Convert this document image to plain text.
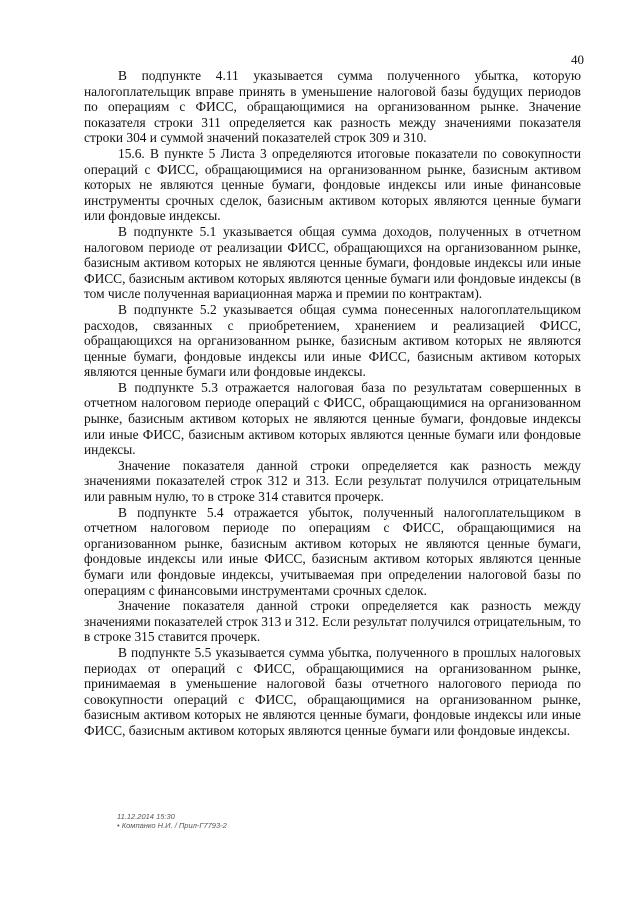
40

В подпункте 4.11 указывается сумма полученного убытка, которую налогоплательщик вправе принять в уменьшение налоговой базы будущих периодов по операциям с ФИСС, обращающимися на организованном рынке. Значение показателя строки 311 определяется как разность между значениями показателя строки 304 и суммой значений показателей строк 309 и 310.

15.6. В пункте 5 Листа 3 определяются итоговые показатели по совокупности операций с ФИСС, обращающимися на организованном рынке, базисным активом которых не являются ценные бумаги, фондовые индексы или иные финансовые инструменты срочных сделок, базисным активом которых являются ценные бумаги или фондовые индексы.

В подпункте 5.1 указывается общая сумма доходов, полученных в отчетном налоговом периоде от реализации ФИСС, обращающихся на организованном рынке, базисным активом которых не являются ценные бумаги, фондовые индексы или иные ФИСС, базисным активом которых являются ценные бумаги или фондовые индексы (в том числе полученная вариационная маржа и премии по контрактам).

В подпункте 5.2 указывается общая сумма понесенных налогоплательщиком расходов, связанных с приобретением, хранением и реализацией ФИСС, обращающихся на организованном рынке, базисным активом которых не являются ценные бумаги, фондовые индексы или иные ФИСС, базисным активом которых являются ценные бумаги или фондовые индексы.

В подпункте 5.3 отражается налоговая база по результатам совершенных в отчетном налоговом периоде операций с ФИСС, обращающимися на организованном рынке, базисным активом которых не являются ценные бумаги, фондовые индексы или иные ФИСС, базисным активом которых являются ценные бумаги или фондовые индексы.

Значение показателя данной строки определяется как разность между значениями показателей строк 312 и 313. Если результат получился отрицательным или равным нулю, то в строке 314 ставится прочерк.

В подпункте 5.4 отражается убыток, полученный налогоплательщиком в отчетном налоговом периоде по операциям с ФИСС, обращающимися на организованном рынке, базисным активом которых не являются ценные бумаги, фондовые индексы или иные ФИСС, базисным активом которых являются ценные бумаги или фондовые индексы, учитываемая при определении налоговой базы по операциям с финансовыми инструментами срочных сделок.

Значение показателя данной строки определяется как разность между значениями показателей строк 313 и 312. Если результат получился отрицательным, то в строке 315 ставится прочерк.

В подпункте 5.5 указывается сумма убытка, полученного в прошлых налоговых периодах от операций с ФИСС, обращающимися на организованном рынке, принимаемая в уменьшение налоговой базы отчетного налогового периода по совокупности операций с ФИСС, обращающимися на организованном рынке, базисным активом которых не являются ценные бумаги, фондовые индексы или иные ФИСС, базисным активом которых являются ценные бумаги или фондовые индексы.

11.12.2014 15:30
• Компанко Н.И. / Прил-Г7793-2
